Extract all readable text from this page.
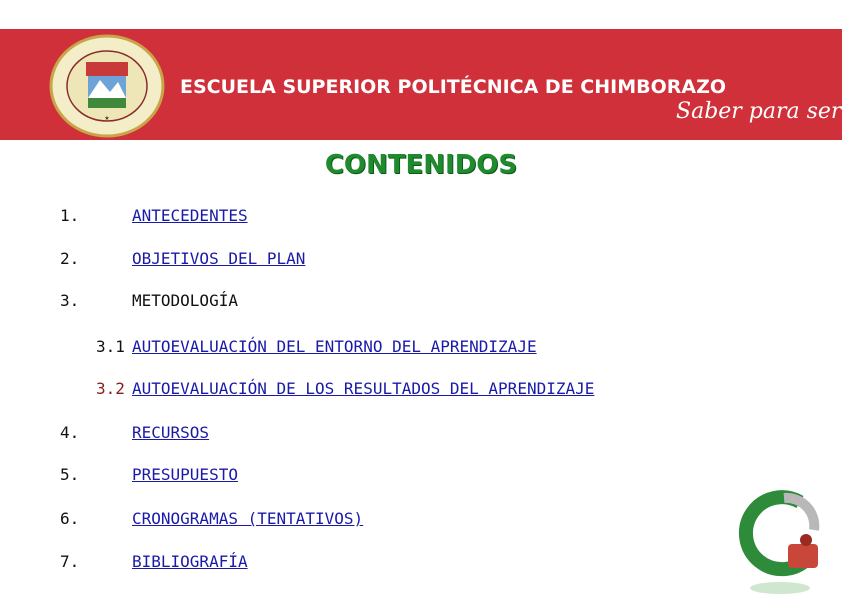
★
ESCUELA SUPERIOR POLITÉCNICA DE CHIMBORAZO
Saber para ser
CONTENIDOS
1.	ANTECEDENTES
2.	OBJETIVOS DEL PLAN
3.	METODOLOGÍA
3.1 AUTOEVALUACIÓN DEL ENTORNO DEL APRENDIZAJE
3.2 AUTOEVALUACIÓN DE LOS RESULTADOS DEL APRENDIZAJE
4.	RECURSOS
5.	PRESUPUESTO
6.	CRONOGRAMAS (TENTATIVOS)
7.	BIBLIOGRAFÍA
